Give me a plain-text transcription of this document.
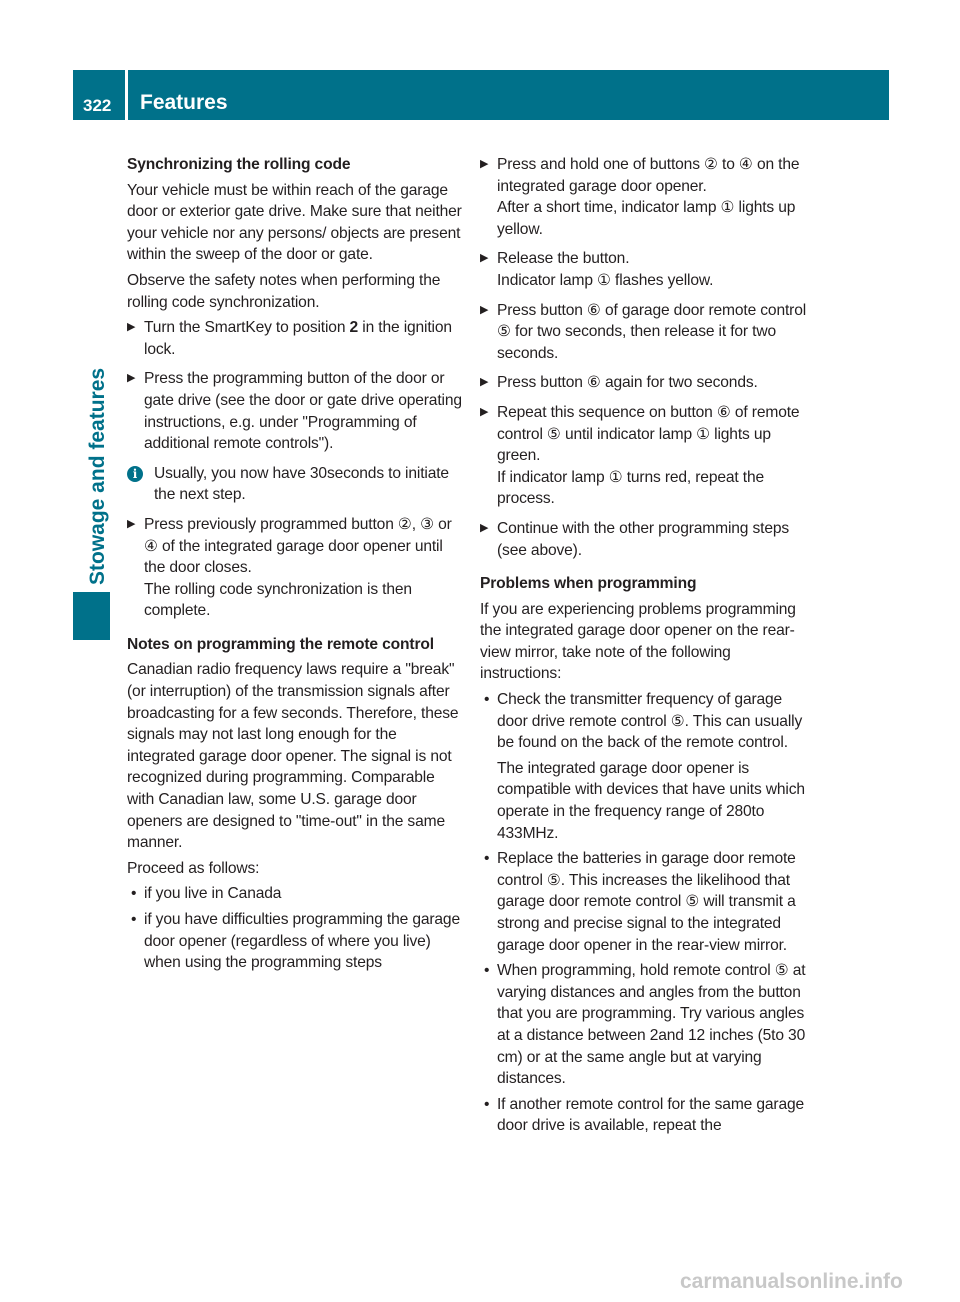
322	Features
Stowage and features
Synchronizing the rolling code
Your vehicle must be within reach of the garage door or exterior gate drive. Make sure that neither your vehicle nor any persons/ objects are present within the sweep of the door or gate.
Observe the safety notes when performing the rolling code synchronization.
▶ Turn the SmartKey to position 2 in the ignition lock.
▶ Press the programming button of the door or gate drive (see the door or gate drive operating instructions, e.g. under "Programming of additional remote controls").
i	Usually, you now have 30seconds to initiate the next step.
▶ Press previously programmed button ②, ③ or ④ of the integrated garage door opener until the door closes.
The rolling code synchronization is then complete.
Notes on programming the remote control
Canadian radio frequency laws require a "break" (or interruption) of the transmission signals after broadcasting for a few seconds. Therefore, these signals may not last long enough for the integrated garage door opener. The signal is not recognized during programming. Comparable with Canadian law, some U.S. garage door openers are designed to "time-out" in the same manner.
Proceed as follows:
• if you live in Canada
• if you have difficulties programming the garage door opener (regardless of where you live) when using the programming steps
▶ Press and hold one of buttons ② to ④ on the integrated garage door opener.
After a short time, indicator lamp ① lights up yellow.
▶ Release the button.
Indicator lamp ① flashes yellow.
▶ Press button ⑥ of garage door remote control ⑤ for two seconds, then release it for two seconds.
▶ Press button ⑥ again for two seconds.
▶ Repeat this sequence on button ⑥ of remote control ⑤ until indicator lamp ① lights up green.
If indicator lamp ① turns red, repeat the process.
▶ Continue with the other programming steps (see above).
Problems when programming
If you are experiencing problems programming the integrated garage door opener on the rear-view mirror, take note of the following instructions:
• Check the transmitter frequency of garage door drive remote control ⑤. This can usually be found on the back of the remote control.
The integrated garage door opener is compatible with devices that have units which operate in the frequency range of 280to 433MHz.
• Replace the batteries in garage door remote control ⑤. This increases the likelihood that garage door remote control ⑤ will transmit a strong and precise signal to the integrated garage door opener in the rear-view mirror.
• When programming, hold remote control ⑤ at varying distances and angles from the button that you are programming. Try various angles at a distance between 2and 12 inches (5to 30 cm) or at the same angle but at varying distances.
• If another remote control for the same garage door drive is available, repeat the
carmanualsonline.info
